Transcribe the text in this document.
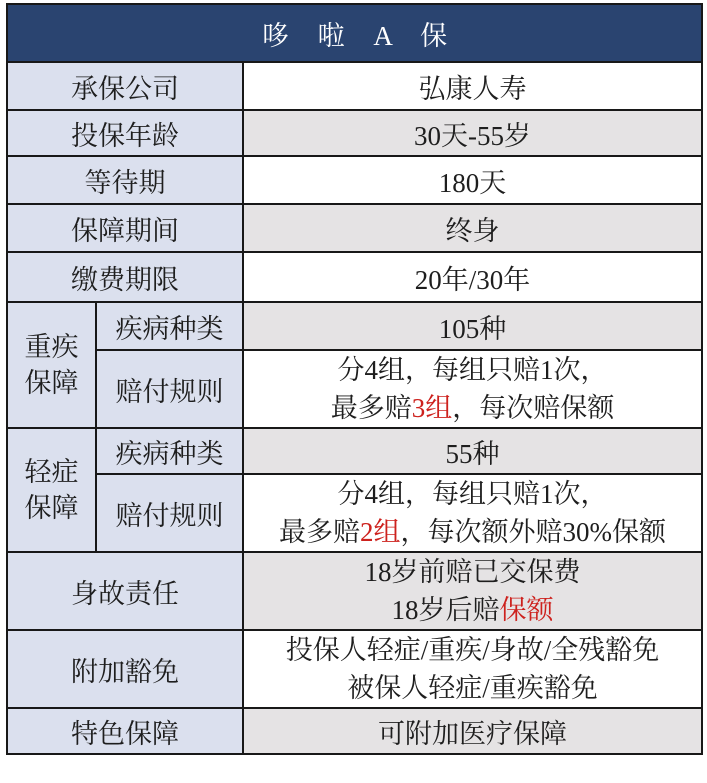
哆 啦 A 保		
承保公司		弘康人寿
投保年龄		30天-55岁
等待期		180天
保障期间		终身
缴费期限		20年/30年

重疾
保障	疾病种类	105种
	赔付规则	分4组，每组只赔1次，
最多赔3组，每次赔保额

轻症
保障	疾病种类	55种
	赔付规则	分4组，每组只赔1次，
最多赔2组，每次额外赔30%保额

身故责任		18岁前赔已交保费
18岁后赔保额

附加豁免		投保人轻症/重疾/身故/全残豁免
被保人轻症/重疾豁免

特色保障		可附加医疗保障
